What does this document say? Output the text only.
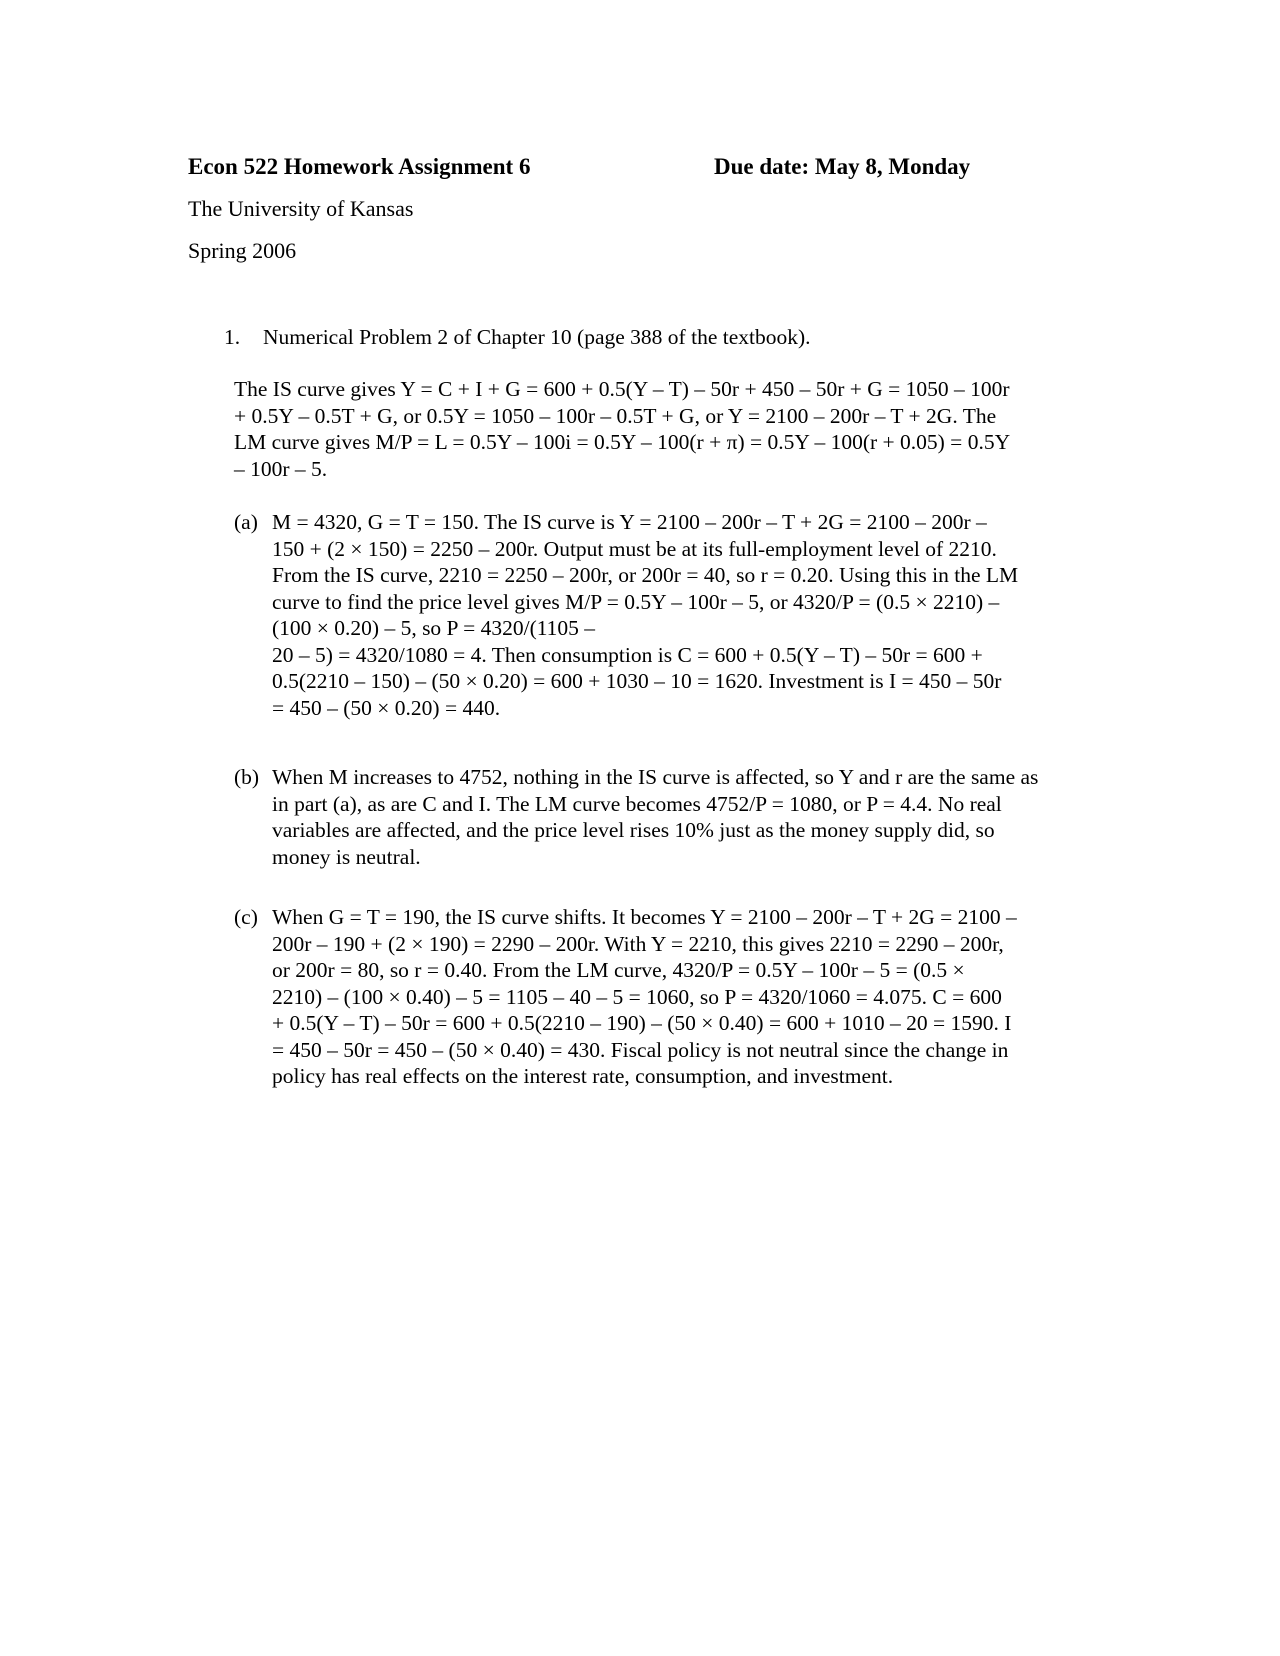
Econ 522 Homework Assignment 6	Due date: May 8, Monday
The University of Kansas
Spring 2006
1. Numerical Problem 2 of Chapter 10 (page 388 of the textbook).
The IS curve gives Y = C + I + G = 600 + 0.5(Y – T) – 50r + 450 – 50r + G = 1050 – 100r
+ 0.5Y – 0.5T + G, or 0.5Y = 1050 – 100r – 0.5T + G, or Y = 2100 – 200r – T + 2G. The
LM curve gives M/P = L = 0.5Y – 100i = 0.5Y – 100(r + π) = 0.5Y – 100(r + 0.05) = 0.5Y
– 100r – 5.
(a) M = 4320, G = T = 150. The IS curve is Y = 2100 – 200r – T + 2G = 2100 – 200r –
150 + (2 × 150) = 2250 – 200r. Output must be at its full-employment level of 2210.
From the IS curve, 2210 = 2250 – 200r, or 200r = 40, so r = 0.20. Using this in the LM
curve to find the price level gives M/P = 0.5Y – 100r – 5, or 4320/P = (0.5 × 2210) –
(100 × 0.20) – 5, so P = 4320/(1105 –
20 – 5) = 4320/1080 = 4. Then consumption is C = 600 + 0.5(Y – T) – 50r = 600 +
0.5(2210 – 150) – (50 × 0.20) = 600 + 1030 – 10 = 1620. Investment is I = 450 – 50r
= 450 – (50 × 0.20) = 440.
(b) When M increases to 4752, nothing in the IS curve is affected, so Y and r are the same as
in part (a), as are C and I. The LM curve becomes 4752/P = 1080, or P = 4.4. No real
variables are affected, and the price level rises 10% just as the money supply did, so
money is neutral.
(c) When G = T = 190, the IS curve shifts. It becomes Y = 2100 – 200r – T + 2G = 2100 –
200r – 190 + (2 × 190) = 2290 – 200r. With Y = 2210, this gives 2210 = 2290 – 200r,
or 200r = 80, so r = 0.40. From the LM curve, 4320/P = 0.5Y – 100r – 5 = (0.5 ×
2210) – (100 × 0.40) – 5 = 1105 – 40 – 5 = 1060, so P = 4320/1060 = 4.075. C = 600
+ 0.5(Y – T) – 50r = 600 + 0.5(2210 – 190) – (50 × 0.40) = 600 + 1010 – 20 = 1590. I
= 450 – 50r = 450 – (50 × 0.40) = 430. Fiscal policy is not neutral since the change in
policy has real effects on the interest rate, consumption, and investment.
